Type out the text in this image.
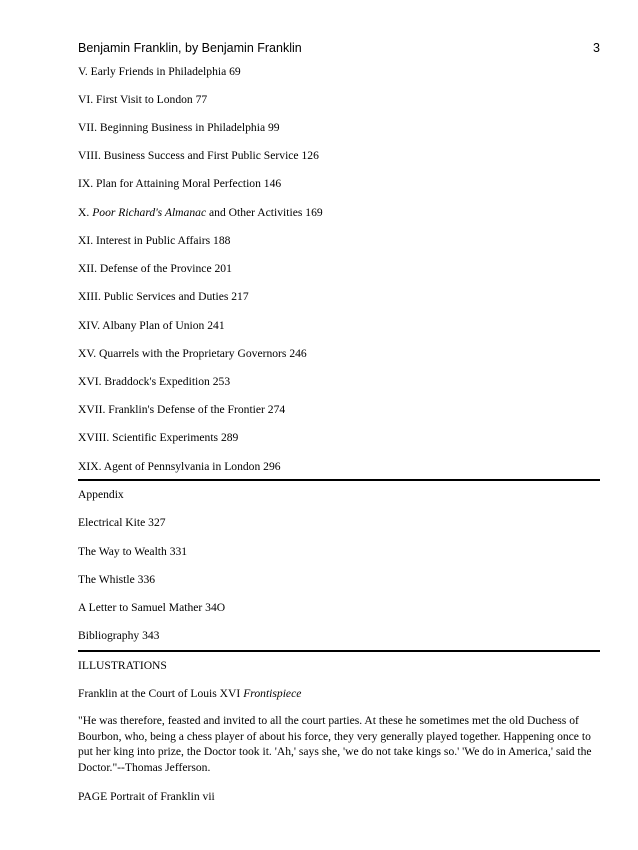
Benjamin Franklin, by Benjamin Franklin	3
V. Early Friends in Philadelphia 69
VI. First Visit to London 77
VII. Beginning Business in Philadelphia 99
VIII. Business Success and First Public Service 126
IX. Plan for Attaining Moral Perfection 146
X. Poor Richard's Almanac and Other Activities 169
XI. Interest in Public Affairs 188
XII. Defense of the Province 201
XIII. Public Services and Duties 217
XIV. Albany Plan of Union 241
XV. Quarrels with the Proprietary Governors 246
XVI. Braddock's Expedition 253
XVII. Franklin's Defense of the Frontier 274
XVIII. Scientific Experiments 289
XIX. Agent of Pennsylvania in London 296
Appendix
Electrical Kite 327
The Way to Wealth 331
The Whistle 336
A Letter to Samuel Mather 34O
Bibliography 343
ILLUSTRATIONS
Franklin at the Court of Louis XVI Frontispiece
"He was therefore, feasted and invited to all the court parties. At these he sometimes met the old Duchess of Bourbon, who, being a chess player of about his force, they very generally played together. Happening once to put her king into prize, the Doctor took it. 'Ah,' says she, 'we do not take kings so.' 'We do in America,' said the Doctor."--Thomas Jefferson.
PAGE Portrait of Franklin vii
